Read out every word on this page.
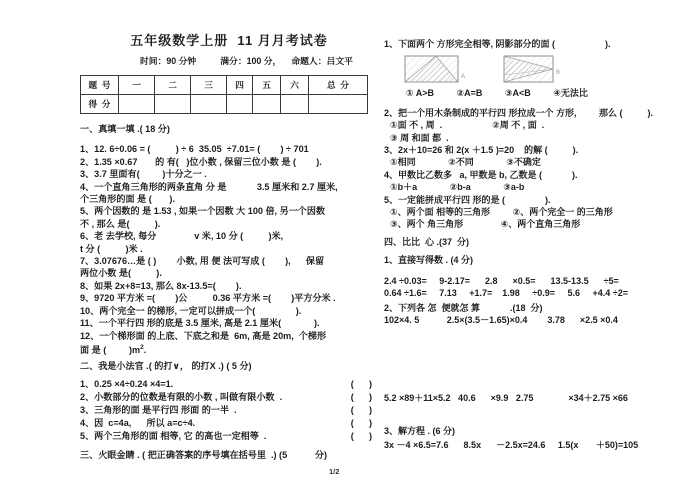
五年级数学上册  11 月月考试卷
时间：90 分钟	满分：100 分， 命题人：吕文平
题  号	一	二	三	四	五	六	总  分
得  分							
一、真填一填 .( 18 分)
1、12. 6÷0.06 = (          ) ÷ 6  35.05  ÷7.01= (        ) ÷ 701
2、1.35 ×0.67       的 有(   )位小数 , 保留三位小数 是 (        ).
3、3.7 里面有(         )十分之一 .
4、一个直角三角形的两条直角 分 是            3.5 厘米和 2.7 厘米,
个三角形的面 是 (       ).
5、两个因数的 是 1.53 , 如果一个因数 大 100 倍, 另一个因数
不 , 那么 是(          ).
6、老 去学校, 每分               v 米, 10 分 (          )米,
t 分 (          )米 .
7、3.07676…是 ( )        小数, 用 便 法可写成 (        ),      保留
两位小数 是(          ).
8、如果 2x+8=13, 那么 8x-13.5=(        ).
9、9720 平方米 =(        )公          0.36 平方米 =(        )平方分米 .
10、两个完全一 的梯形, 一定可以拼成一个(                ).
11、一个平行四 形的底是 3.5 厘米, 高是 2.1 厘米(             ).
12、一个梯形面 的上底、下底之和是  6m, 高是 20m,  个梯形
面 是 (         )$m^2$.
二、我是小法官 .( 的打∨， 的打X .) ( 5 分)
1、0.25 ×4÷0.24 ×4=1.	(      )
2、小数部分的位数是有限的小数 , 叫做有限小数  .	(      )
3、三角形的面 是平行四 形面 的一半  .	(      )
4、因  c=4a,      所以 a=c÷4.	(      )
5、两个三角形的面 相等, 它 的高也一定相等  .	(      )
三、火眼金睛 . ( 把正确答案的序号填在括号里  .) (5           分)
1、下面两个 方形完全相等, 阴影部分的面 (                    ).
A
B
① A>B         ②A=B         ③A<B         ④无法比
2、把一个用木条制成的平行四 形拉成一个 方形,         那么 (          ).
①面 不 , 周  .                    ②周 不 , 面  .
③ 周 和面 都  .
3、2x＋10=26 和 2(x ＋1.5 )=20    的解 (          ).
①相同             ②不同             ③不确定
4、甲数比乙数多   a, 甲数是 b, 乙数是 (            ).
①b＋a             ②b-a             ③a-b
5、一定能拼成平行四 形的是 (                ).
①、两个面 相等的三角形         ②、两个完全一 的三角形
③、两个 角三角形               ④、两个直角三角形
四、比比  心 .(37  分)
1、直接写得数 . (4 分)
2.4 ÷0.03=     9-2.17=      2.8      ×0.5=      13.5-13.5      ÷5=
0.64 ÷1.6=     7.13     +1.7=    1.98     ÷0.9=     5.6     +4.4 ÷2=
2、下列各 怎  便就怎 算            .(18  分)
102×4. 5           2.5×(3.5－1.65)×0.4        3.78      ×2.5 ×0.4
5.2 ×89＋11×5.2   40.6      ×9.9   2.75              ×34＋2.75 ×66
3、解方程 . (6 分)
3x －4 ×6.5=7.6      8.5x      －2.5x=24.6     1.5(x       ＋50)=105
1/2
